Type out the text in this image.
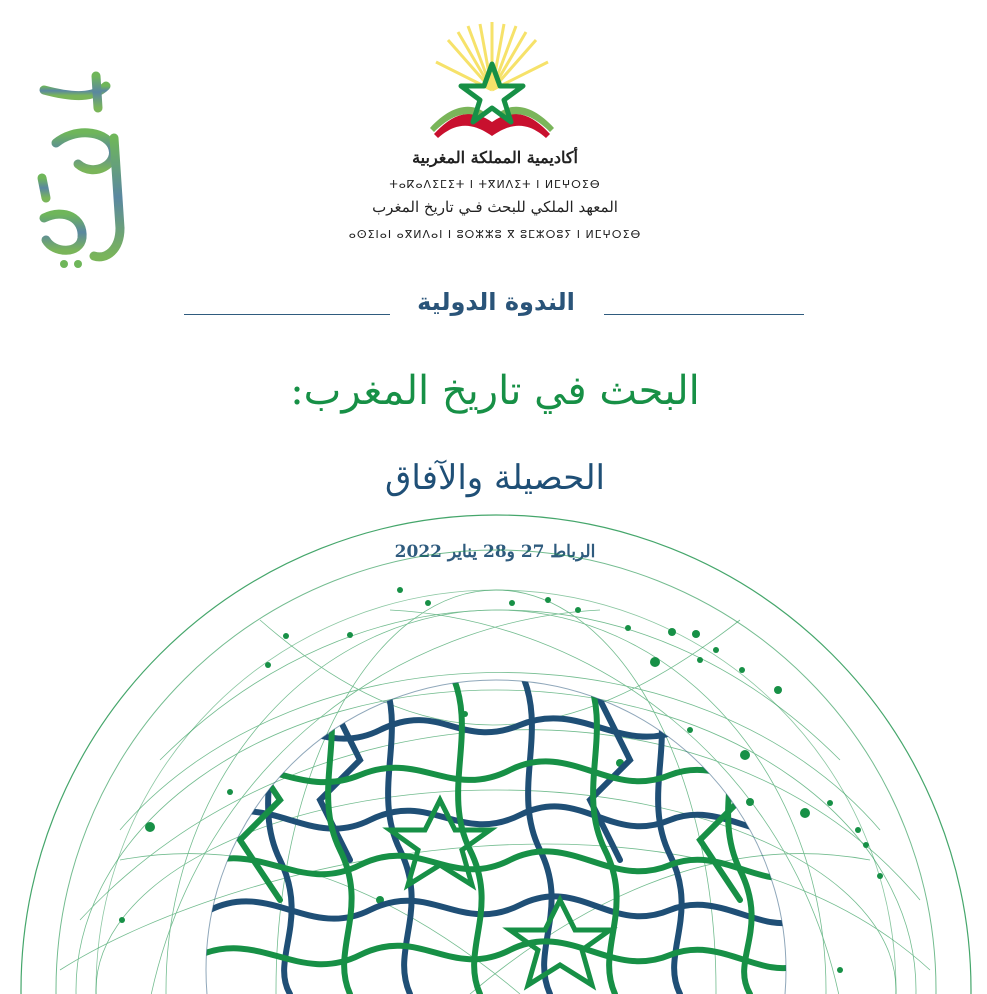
أكاديمية المملكة المغربية
ⵜⴰⴽⴰⴷⵉⵎⵉⵜ ⵏ ⵜⴳⵍⴷⵉⵜ ⵏ ⵍⵎⵖⵔⵉⴱ
المعهد الملكي للبحث فـي تاريخ المغرب
ⴰⵙⵉⵏⴰⵏ ⴰⴳⵍⴷⴰⵏ ⵏ ⵓⵔⵣⵣⵓ ⴳ ⵓⵎⵣⵔⵓⵢ ⵏ ⵍⵎⵖⵔⵉⴱ
الندوة الدولية
البحث في تاريخ المغرب:
الحصيلة والآفاق
الرباط 27 و28 يناير 2022
